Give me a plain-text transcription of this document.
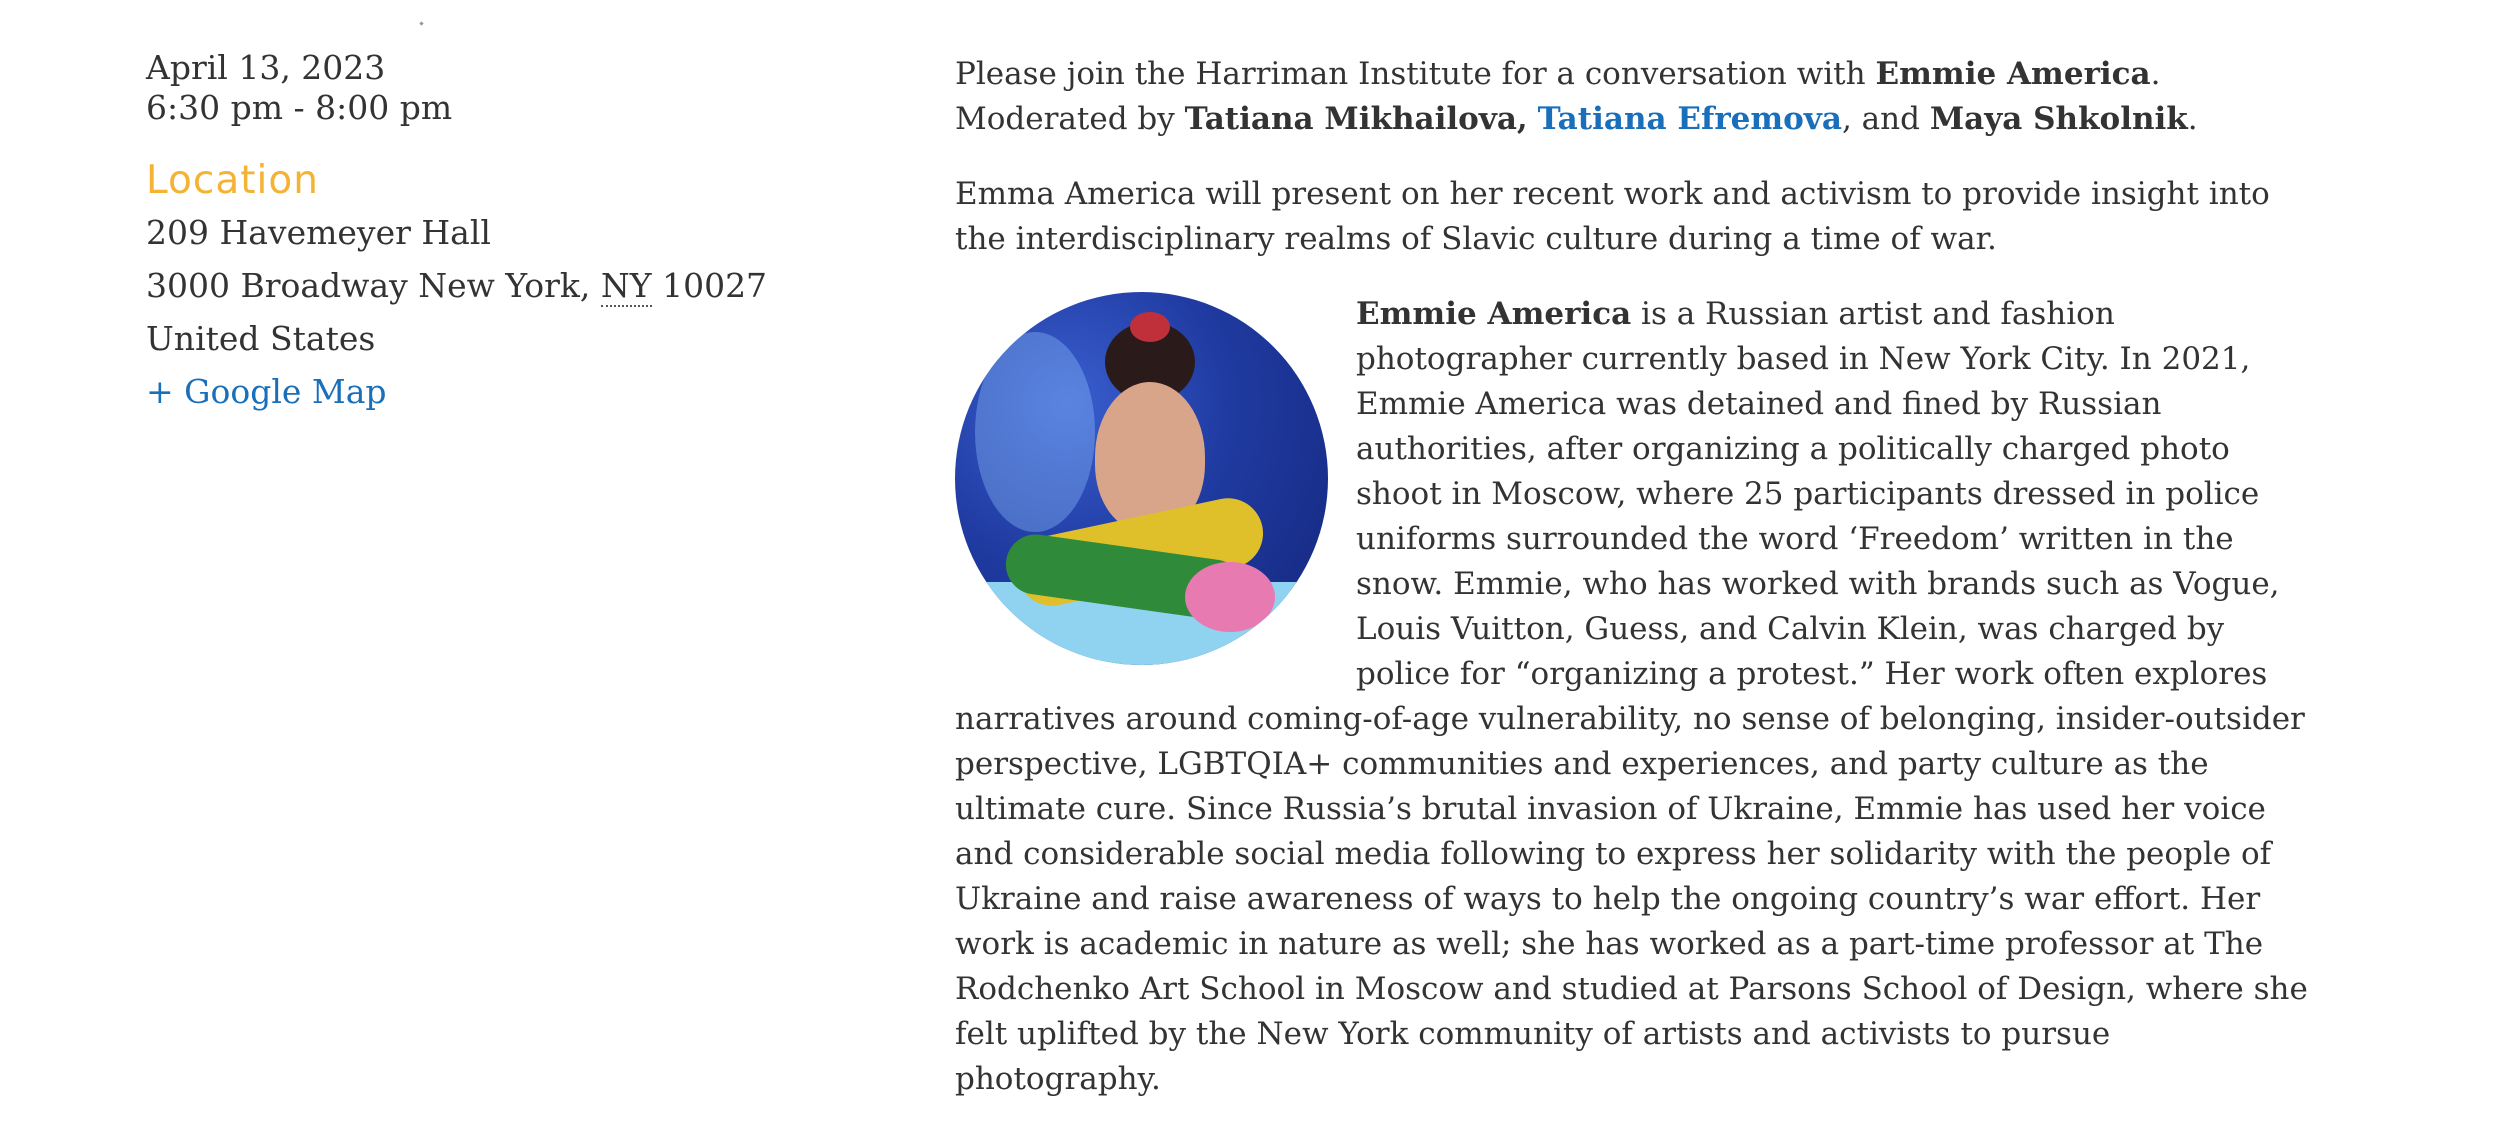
April 13, 2023
6:30 pm - 8:00 pm
Location
209 Havemeyer Hall
3000 Broadway New York, NY 10027 United States
+ Google Map

Please join the Harriman Institute for a conversation with Emmie America. Moderated by Tatiana Mikhailova, Tatiana Efremova, and Maya Shkolnik.

Emma America will present on her recent work and activism to provide insight into the interdisciplinary realms of Slavic culture during a time of war.

Emmie America is a Russian artist and fashion photographer currently based in New York City. In 2021, Emmie America was detained and fined by Russian authorities, after organizing a politically charged photo shoot in Moscow, where 25 participants dressed in police uniforms surrounded the word ‘Freedom’ written in the snow. Emmie, who has worked with brands such as Vogue, Louis Vuitton, Guess, and Calvin Klein, was charged by police for “organizing a protest.” Her work often explores narratives around coming-of-age vulnerability, no sense of belonging, insider-outsider perspective, LGBTQIA+ communities and experiences, and party culture as the ultimate cure. Since Russia’s brutal invasion of Ukraine, Emmie has used her voice and considerable social media following to express her solidarity with the people of Ukraine and raise awareness of ways to help the ongoing country’s war effort. Her work is academic in nature as well; she has worked as a part-time professor at The Rodchenko Art School in Moscow and studied at Parsons School of Design, where she felt uplifted by the New York community of artists and activists to pursue photography.
